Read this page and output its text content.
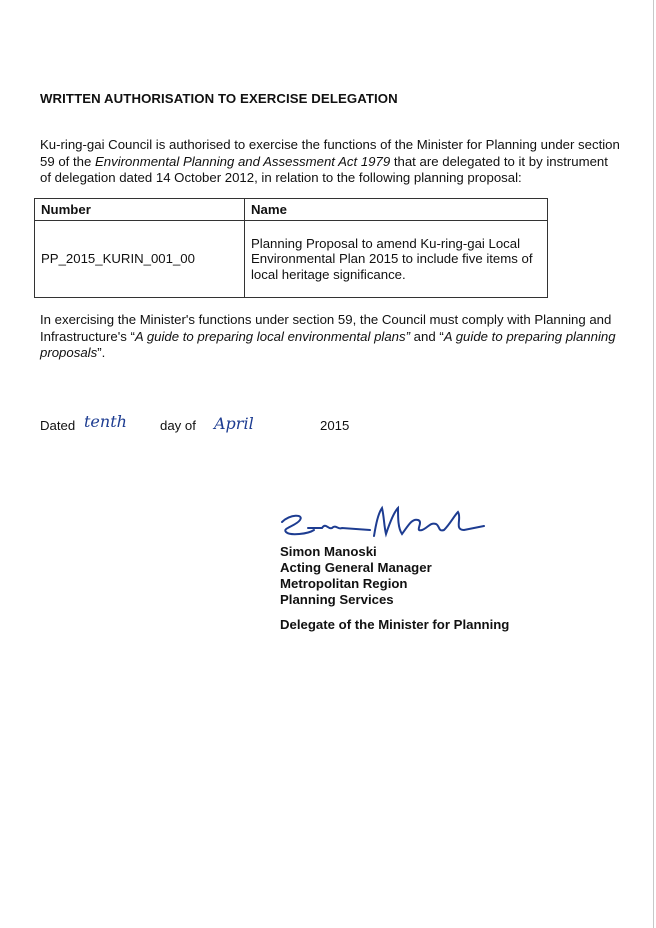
WRITTEN AUTHORISATION TO EXERCISE DELEGATION
Ku-ring-gai Council is authorised to exercise the functions of the Minister for Planning under section 59 of the Environmental Planning and Assessment Act 1979 that are delegated to it by instrument of delegation dated 14 October 2012, in relation to the following planning proposal:
Number	Name
PP_2015_KURIN_001_00	Planning Proposal to amend Ku-ring-gai Local Environmental Plan 2015 to include five items of local heritage significance.
In exercising the Minister's functions under section 59, the Council must comply with Planning and Infrastructure's “A guide to preparing local environmental plans” and “A guide to preparing planning proposals”.
Dated tenth	day of April	2015
Simon Manoski
Acting General Manager
Metropolitan Region
Planning Services
Delegate of the Minister for Planning
